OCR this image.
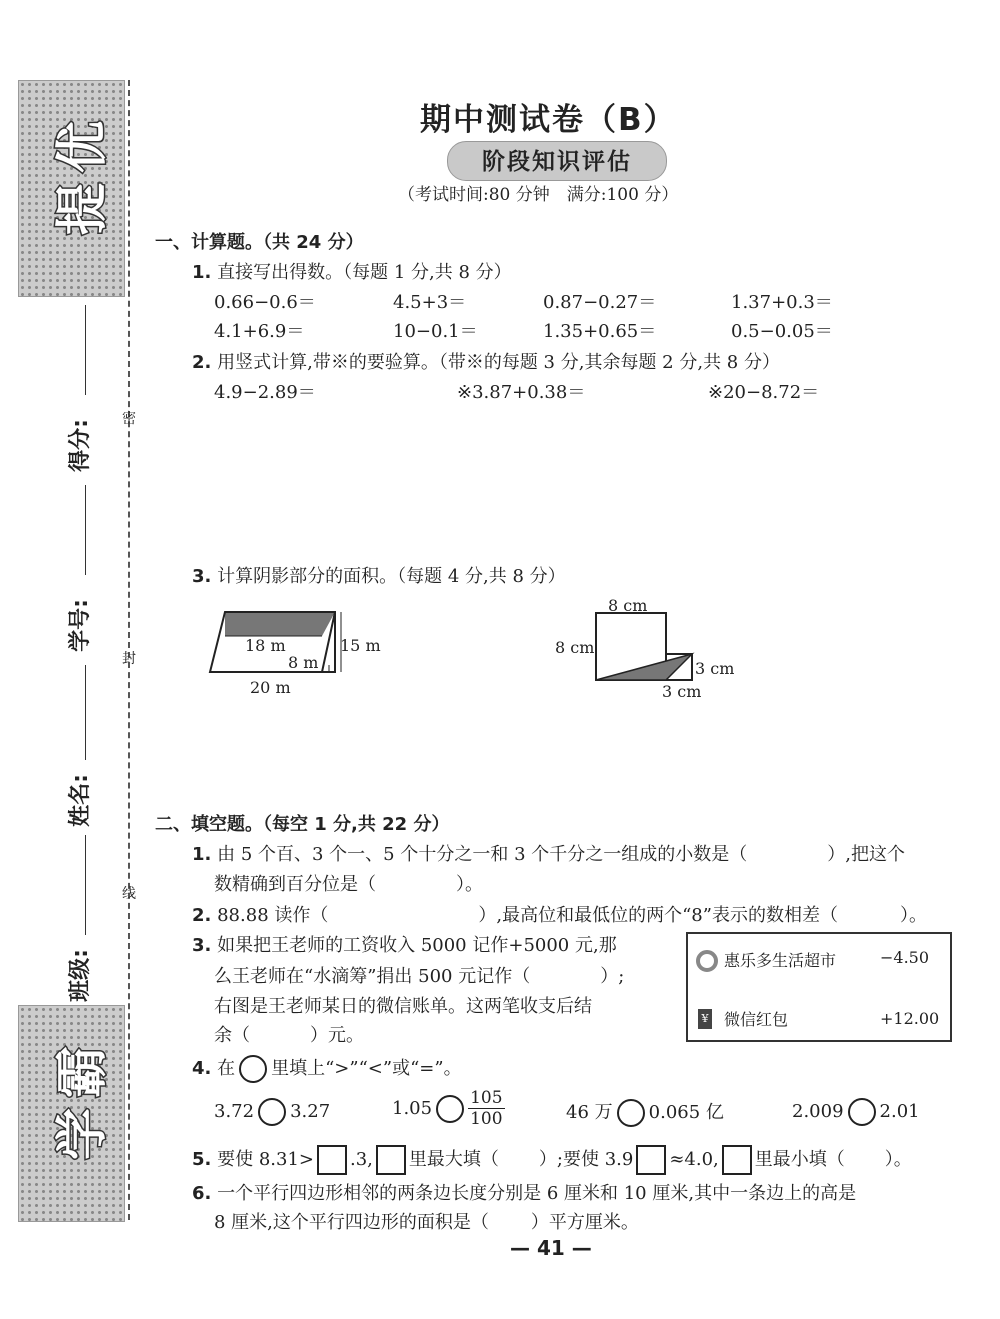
提优
学霸
得分:
学号:
姓名:
班级:
密
封
线
期中测试卷（B）
阶段知识评估
（考试时间:80 分钟　满分:100 分）
一、计算题。（共 24 分）
1. 直接写出得数。（每题 1 分,共 8 分）
0.66−0.6＝	4.5+3＝	0.87−0.27＝	1.37+0.3＝
4.1+6.9＝	10−0.1＝	1.35+0.65＝	0.5−0.05＝
2. 用竖式计算,带※的要验算。（带※的每题 3 分,其余每题 2 分,共 8 分）
4.9−2.89＝	※3.87+0.38＝	※20−8.72＝
3. 计算阴影部分的面积。（每题 4 分,共 8 分）
18 m
8 m
15 m
20 m
8 cm
8 cm
3 cm
3 cm
二、填空题。（每空 1 分,共 22 分）
1. 由 5 个百、3 个一、5 个十分之一和 3 个千分之一组成的小数是（	）,把这个
数精确到百分位是（	）。
2. 88.88 读作（	）,最高位和最低位的两个“8”表示的数相差（	）。
3. 如果把王老师的工资收入 5000 记作+5000 元,那
么王老师在“水滴筹”捐出 500 元记作（	）;
右图是王老师某日的微信账单。这两笔收支后结
余（	）元。
惠乐多生活超市	−4.50
¥ 微信红包	+12.00
4. 在 里填上“>”“<”或“=”。
3.72 3.27	$1.05 \frac{105}{100}$	46 万 0.065 亿	2.009 2.01
5. 要使 8.31> .3, 里最大填（ ）;要使 3.9 ≈4.0, 里最小填（ ）。
6. 一个平行四边形相邻的两条边长度分别是 6 厘米和 10 厘米,其中一条边上的高是
8 厘米,这个平行四边形的面积是（ ）平方厘米。
— 41 —
